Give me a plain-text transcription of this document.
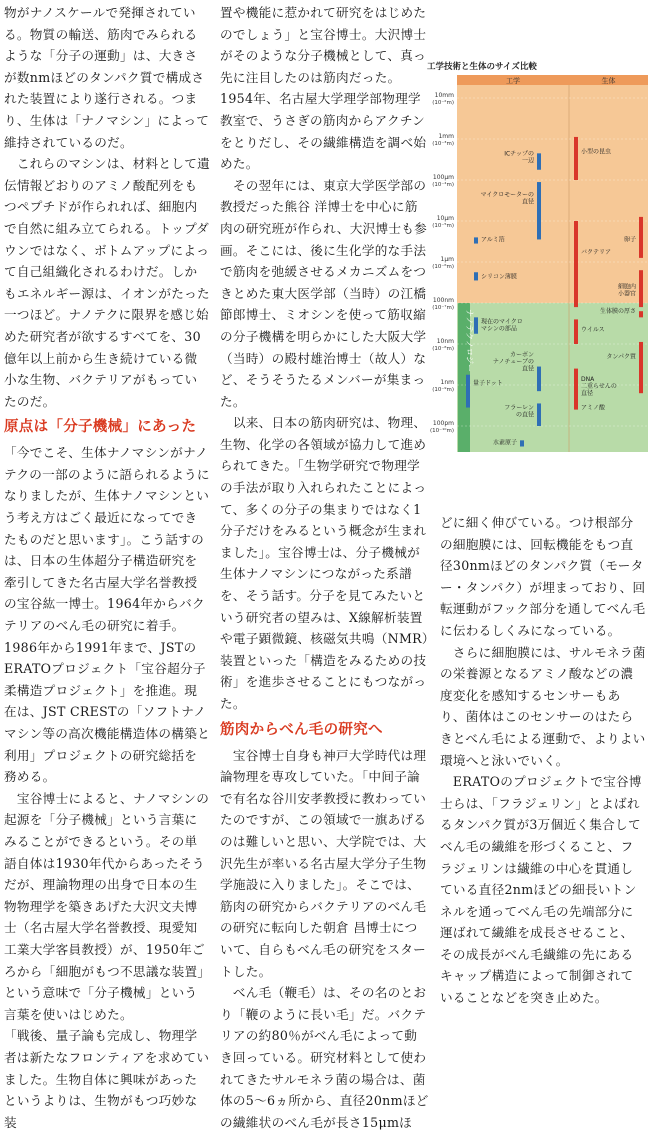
物がナノスケールで発揮されている。物質の輸送、筋肉でみられるような「分子の運動」は、大きさが数nmほどのタンパク質で構成された装置により遂行される。つまり、生体は「ナノマシン」によって維持されているのだ。

　これらのマシンは、材料として遺伝情報どおりのアミノ酸配列をもつペプチドが作られれば、細胞内で自然に組み立てられる。トップダウンではなく、ボトムアップによって自己組織化されるわけだ。しかもエネルギー源は、イオンがたった一つほど。ナノテクに限界を感じ始めた研究者が欲するすべてを、30億年以上前から生き続けている微小な生物、バクテリアがもっていたのだ。

原点は「分子機械」にあった

「今でこそ、生体ナノマシンがナノテクの一部のように語られるようになりましたが、生体ナノマシンという考え方はごく最近になってできたものだと思います」。こう話すのは、日本の生体超分子構造研究を牽引してきた名古屋大学名誉教授の宝谷紘一博士。1964年からバクテリアのべん毛の研究に着手。1986年から1991年まで、JSTのERATOプロジェクト「宝谷超分子柔構造プロジェクト」を推進。現在は、JST CRESTの「ソフトナノマシン等の高次機能構造体の構築と利用」プロジェクトの研究総括を務める。

　宝谷博士によると、ナノマシンの起源を「分子機械」という言葉にみることができるという。その単語自体は1930年代からあったそうだが、理論物理の出身で日本の生物物理学を築きあげた大沢文夫博士（名古屋大学名誉教授、現愛知工業大学客員教授）が、1950年ごろから「細胞がもつ不思議な装置」という意味で「分子機械」という言葉を使いはじめた。

「戦後、量子論も完成し、物理学者は新たなフロンティアを求めていました。生物自体に興味があったというよりは、生物がもつ巧妙な装

置や機能に惹かれて研究をはじめたのでしょう」と宝谷博士。大沢博士がそのような分子機械として、真っ先に注目したのは筋肉だった。1954年、名古屋大学理学部物理学教室で、うさぎの筋肉からアクチンをとりだし、その繊維構造を調べ始めた。

　その翌年には、東京大学医学部の教授だった熊谷 洋博士を中心に筋肉の研究班が作られ、大沢博士も参画。そこには、後に生化学的な手法で筋肉を弛緩させるメカニズムをつきとめた東大医学部（当時）の江橋節郎博士、ミオシンを使って筋収縮の分子機構を明らかにした大阪大学（当時）の殿村雄治博士（故人）など、そうそうたるメンバーが集まった。

　以来、日本の筋肉研究は、物理、生物、化学の各領域が協力して進められてきた。「生物学研究で物理学の手法が取り入れられたことによって、多くの分子の集まりではなく1分子だけをみるという概念が生まれました」。宝谷博士は、分子機械が生体ナノマシンにつながった系譜を、そう話す。分子を見てみたいという研究者の望みは、X線解析装置や電子顕微鏡、核磁気共鳴（NMR）装置といった「構造をみるための技術」を進歩させることにもつながった。

筋肉からべん毛の研究へ

　宝谷博士自身も神戸大学時代は理論物理を専攻していた。「中间子論で有名な谷川安孝教授に教わっていたのですが、この領域で一旗あげるのは難しいと思い、大学院では、大沢先生が率いる名古屋大学分子生物学施設に入りました」。そこでは、筋肉の研究からバクテリアのべん毛の研究に転向した朝倉 昌博士について、自らもべん毛の研究をスタートした。

　べん毛（鞭毛）は、その名のとおり「鞭のように長い毛」だ。バクテリアの約80％がべん毛によって動き回っている。研究材料として使われてきたサルモネラ菌の場合は、菌体の5～6ヵ所から、直径20nmほどの繊維状のべん毛が長さ15μmほ

どに細く伸びている。つけ根部分の細胞膜には、回転機能をもつ直径30nmほどのタンパク質（モーター・タンパク）が埋まっており、回転運動がフック部分を通してべん毛に伝わるしくみになっている。

　さらに細胞膜には、サルモネラ菌の栄養源となるアミノ酸などの濃度変化を感知するセンサーもあり、菌体はこのセンサーのはたらきとべん毛による運動で、よりよい環境へと泳いでいく。

　ERATOのプロジェクトで宝谷博士らは、「フラジェリン」とよばれるタンパク質が3万個近く集合してべん毛の繊維を形づくること、フラジェリンは繊維の中心を貫通している直径2nmほどの細長いトンネルを通ってべん毛の先端部分に運ばれて繊維を成長させること、その成長がべん毛繊維の先にあるキャップ構造によって制御されていることなどを突き止めた。

工学技術と生体のサイズ比較
工学	生体
ナノテクノロジー
10mm
(10⁻²m)
1mm
(10⁻³m)
100µm
(10⁻⁴m)
10µm
(10⁻⁵m)
1µm
(10⁻⁶m)
100nm
(10⁻⁷m)
10nm
(10⁻⁸m)
1nm
(10⁻⁹m)
100pm
(10⁻¹⁰m)
ICチップの一辺
マイクロモーターの直径
アルミ箔
シリコン薄膜
現在のマイクロマシンの部品
カーボンナノチューブの直径
量子ドット
フラーレンの直径
水素原子
小型の昆虫
卵子
バクテリア
細胞内小器官
生体膜の厚さ
ウイルス
タンパク質
DNA 二重らせんの直径
アミノ酸
